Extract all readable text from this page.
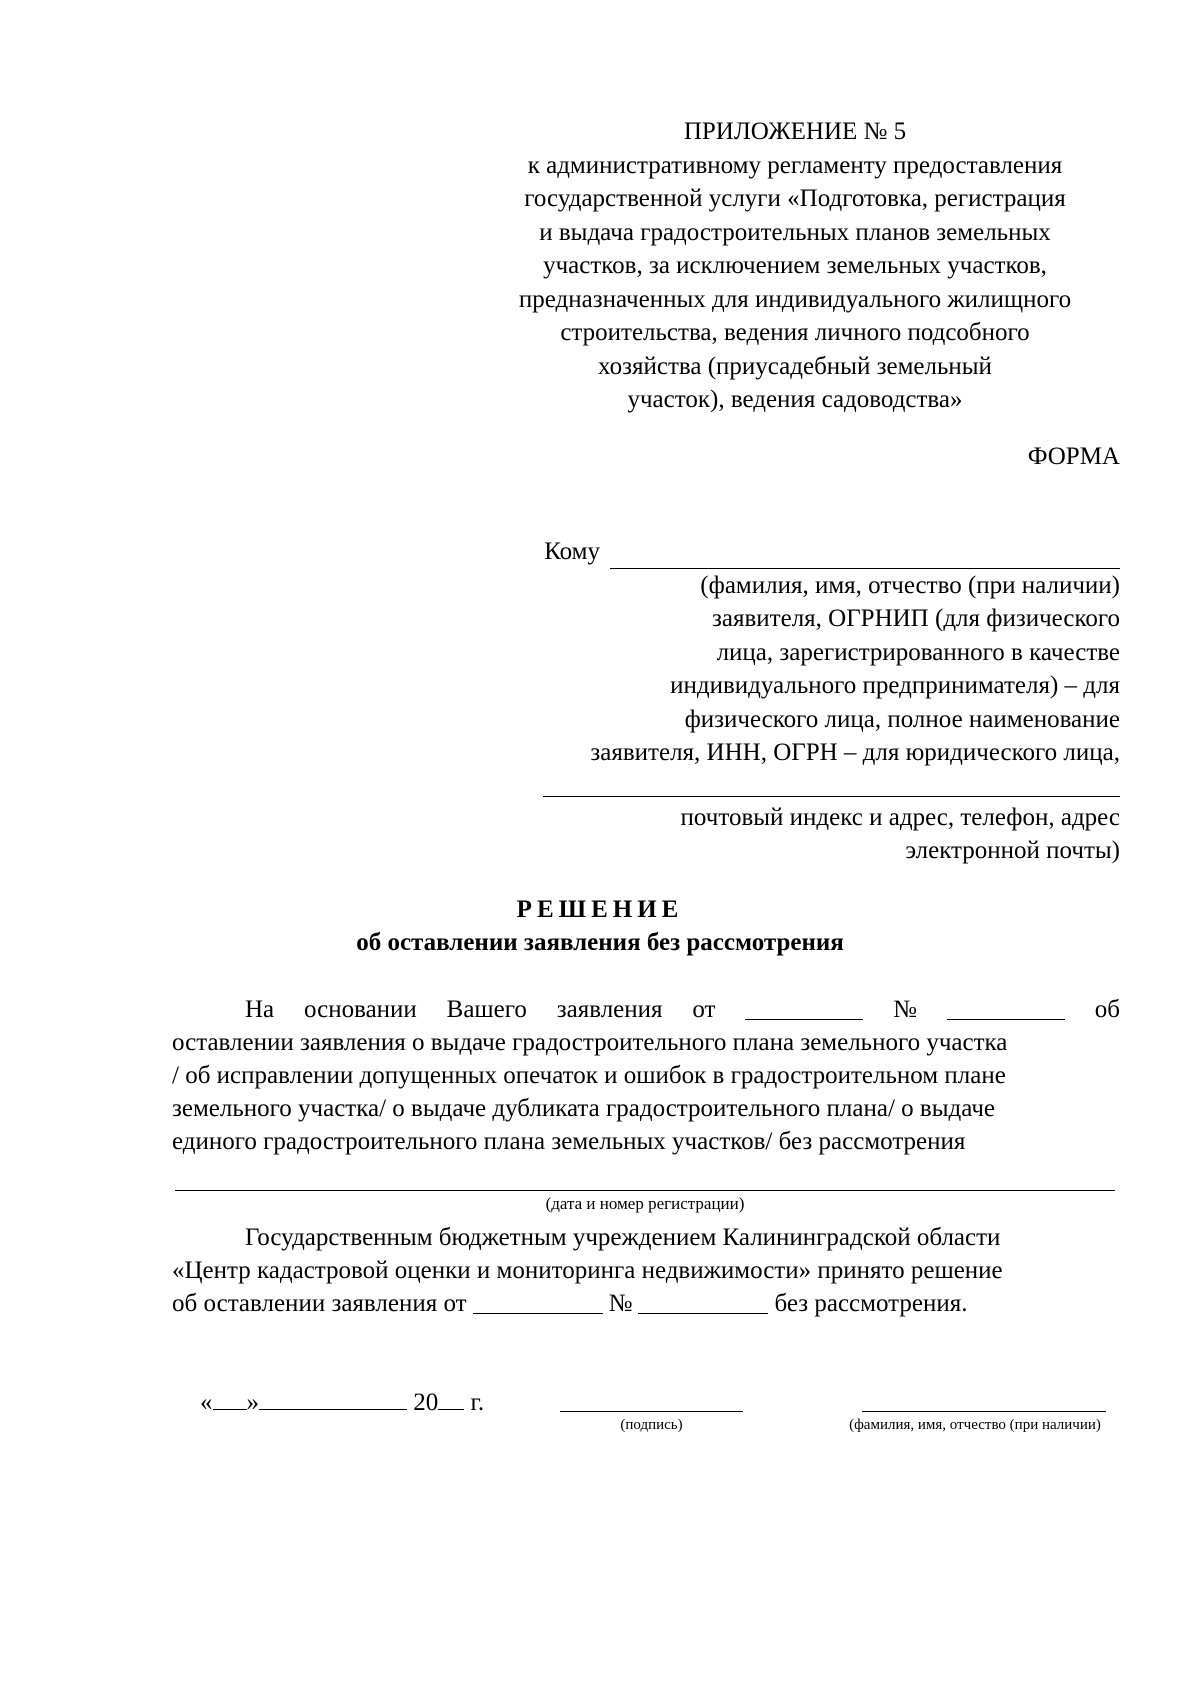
ПРИЛОЖЕНИЕ № 5
к административному регламенту предоставления
государственной услуги «Подготовка, регистрация
и выдача градостроительных планов земельных
участков, за исключением земельных участков,
предназначенных для индивидуального жилищного
строительства, ведения личного подсобного
хозяйства (приусадебный земельный
участок), ведения садоводства»
ФОРМА
Кому
(фамилия, имя, отчество (при наличии)
заявителя, ОГРНИП (для физического
лица, зарегистрированного в качестве
индивидуального предпринимателя) – для
физического лица, полное наименование
заявителя, ИНН, ОГРН – для юридического лица,
почтовый индекс и адрес, телефон, адрес
электронной почты)
РЕШЕНИЕ
об оставлении заявления без рассмотрения
На основании Вашего заявления от	№	об
оставлении заявления о выдаче градостроительного плана земельного участка
/ об исправлении допущенных опечаток и ошибок в градостроительном плане
земельного участка/ о выдаче дубликата градостроительного плана/ о выдаче
единого градостроительного плана земельных участков/ без рассмотрения
(дата и номер регистрации)
Государственным бюджетным учреждением Калининградской области
«Центр кадастровой оценки и мониторинга недвижимости» принято решение
об оставлении заявления от	№	без рассмотрения.
« »	20 г.
(подпись)	(фамилия, имя, отчество (при наличии)
